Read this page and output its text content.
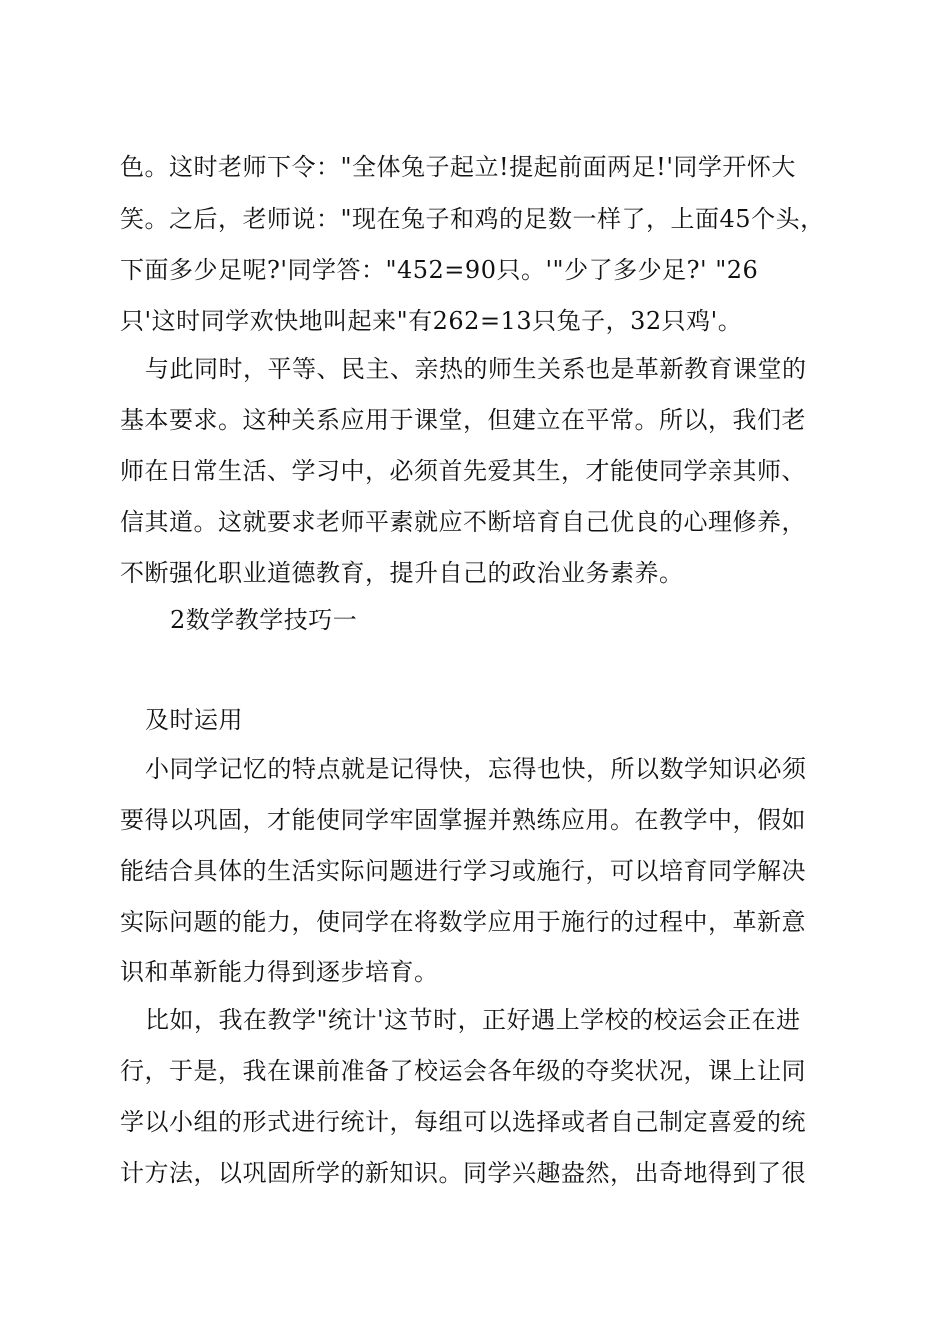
色。这时老师下令："全体兔子起立!提起前面两足!'同学开怀大
笑。之后，老师说："现在兔子和鸡的足数一样了，上面45个头，
下面多少足呢?'同学答："452=90只。'"少了多少足?' "26
只'这时同学欢快地叫起来"有262=13只兔子，32只鸡'。
与此同时，平等、民主、亲热的师生关系也是革新教育课堂的
基本要求。这种关系应用于课堂，但建立在平常。所以，我们老
师在日常生活、学习中，必须首先爱其生，才能使同学亲其师、
信其道。这就要求老师平素就应不断培育自己优良的心理修养，
不断强化职业道德教育，提升自己的政治业务素养。
2数学教学技巧一
及时运用
小同学记忆的特点就是记得快，忘得也快，所以数学知识必须
要得以巩固，才能使同学牢固掌握并熟练应用。在教学中，假如
能结合具体的生活实际问题进行学习或施行，可以培育同学解决
实际问题的能力，使同学在将数学应用于施行的过程中，革新意
识和革新能力得到逐步培育。
比如，我在教学"统计'这节时，正好遇上学校的校运会正在进
行，于是，我在课前准备了校运会各年级的夺奖状况，课上让同
学以小组的形式进行统计，每组可以选择或者自己制定喜爱的统
计方法，以巩固所学的新知识。同学兴趣盎然，出奇地得到了很
